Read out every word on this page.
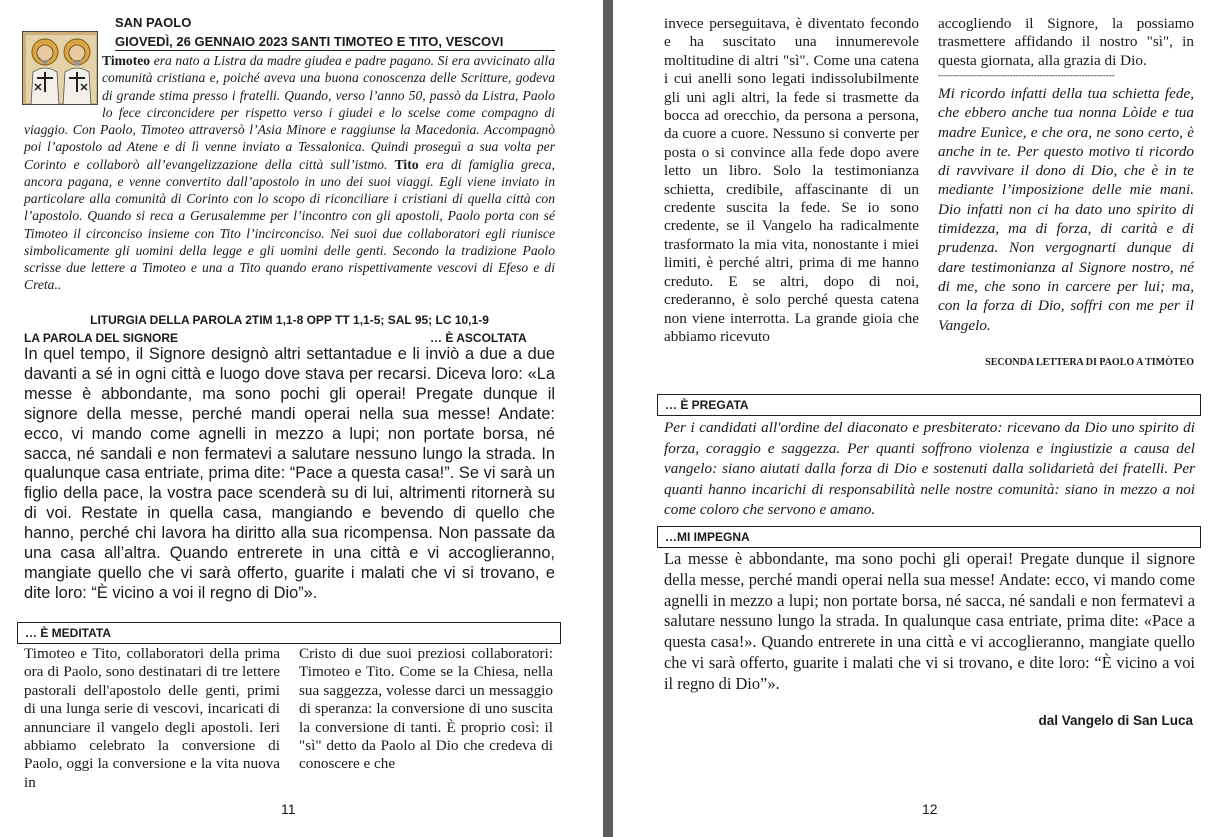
SAN PAOLO
GIOVEDÌ, 26 GENNAIO 2023 SANTI TIMOTEO E TITO, VESCOVI
Timoteo era nato a Listra da madre giudea e padre pagano. Si era avvicinato alla comunità cristiana e, poiché aveva una buona conoscenza delle Scritture, godeva di grande stima presso i fratelli. Quando, verso l’anno 50, passò da Listra, Paolo lo fece circoncidere per rispetto verso i giudei e lo scelse come compagno di viaggio. Con Paolo, Timoteo attraversò l’Asia Minore e raggiunse la Macedonia. Accompagnò poi l’apostolo ad Atene e di lì venne inviato a Tessalonica. Quindi proseguì a sua volta per Corinto e collaborò all’evangelizzazione della città sull’istmo. Tito era di famiglia greca, ancora pagana, e venne convertito dall’apostolo in uno dei suoi viaggi. Egli viene inviato in particolare alla comunità di Corinto con lo scopo di riconciliare i cristiani di quella città con l’apostolo. Quando si reca a Gerusalemme per l’incontro con gli apostoli, Paolo porta con sé Timoteo il circonciso insieme con Tito l’incirconciso. Nei suoi due collaboratori egli riunisce simbolicamente gli uomini della legge e gli uomini delle genti. Secondo la tradizione Paolo scrisse due lettere a Timoteo e una a Tito quando erano rispettivamente vescovi di Efeso e di Creta..
LITURGIA DELLA PAROLA 2TIM 1,1-8 OPP TT 1,1-5; SAL 95; LC 10,1-9
LA PAROLA DEL SIGNORE	… È ASCOLTATA
In quel tempo, il Signore designò altri settantadue e li inviò a due a due davanti a sé in ogni città e luogo dove stava per recarsi. Diceva loro: «La messe è abbondante, ma sono pochi gli operai! Pregate dunque il signore della messe, perché mandi operai nella sua messe! Andate: ecco, vi mando come agnelli in mezzo a lupi; non portate borsa, né sacca, né sandali e non fermatevi a salutare nessuno lungo la strada. In qualunque casa entriate, prima dite: “Pace a questa casa!”. Se vi sarà un figlio della pace, la vostra pace scenderà su di lui, altrimenti ritornerà su di voi. Restate in quella casa, mangiando e bevendo di quello che hanno, perché chi lavora ha diritto alla sua ricompensa. Non passate da una casa all’altra. Quando entrerete in una città e vi accoglieranno, mangiate quello che vi sarà offerto, guarite i malati che vi si trovano, e dite loro: “È vicino a voi il regno di Dio”».
… È MEDITATA
Timoteo e Tito, collaboratori della prima ora di Paolo, sono destinatari di tre lettere pastorali dell'apostolo delle genti, primi di una lunga serie di vescovi, incaricati di annunciare il vangelo degli apostoli. Ieri abbiamo celebrato la conversione di Paolo, oggi la conversione e la vita nuova in
Cristo di due suoi preziosi collaboratori: Timoteo e Tito. Come se la Chiesa, nella sua saggezza, volesse darci un messaggio di speranza: la conversione di uno suscita la conversione di tanti. È proprio così: il "sì" detto da Paolo al Dio che credeva di conoscere e che
11
invece perseguitava, è diventato fecondo e ha suscitato una innumerevole moltitudine di altri "sì". Come una catena i cui anelli sono legati indissolubilmente gli uni agli altri, la fede si trasmette da bocca ad orecchio, da persona a persona, da cuore a cuore. Nessuno si converte per posta o si convince alla fede dopo avere letto un libro. Solo la testimonianza schietta, credibile, affascinante di un credente suscita la fede. Se io sono credente, se il Vangelo ha radicalmente trasformato la mia vita, nonostante i miei limiti, è perché altri, prima di me hanno creduto. E se altri, dopo di noi, crederanno, è solo perché questa catena non viene interrotta. La grande gioia che abbiamo ricevuto
accogliendo il Signore, la possiamo trasmettere affidando il nostro "sì", in questa giornata, alla grazia di Dio.
-----------------------------------------------------------
Mi ricordo infatti della tua schietta fede, che ebbero anche tua nonna Lòide e tua madre Eunìce, e che ora, ne sono certo, è anche in te. Per questo motivo ti ricordo di ravvivare il dono di Dio, che è in te mediante l’imposizione delle mie mani. Dio infatti non ci ha dato uno spirito di timidezza, ma di forza, di carità e di prudenza. Non vergognarti dunque di dare testimonianza al Signore nostro, né di me, che sono in carcere per lui; ma, con la forza di Dio, soffri con me per il Vangelo.
SECONDA LETTERA DI PAOLO A TIMÒTEO
… È PREGATA
Per i candidati all'ordine del diaconato e presbiterato: ricevano da Dio uno spirito di forza, coraggio e saggezza. Per quanti soffrono violenza e ingiustizie a causa del vangelo: siano aiutati dalla forza di Dio e sostenuti dalla solidarietà dei fratelli. Per quanti hanno incarichi di responsabilità nelle nostre comunità: siano in mezzo a noi come coloro che servono e amano.
…MI IMPEGNA
La messe è abbondante, ma sono pochi gli operai! Pregate dunque il signore della messe, perché mandi operai nella sua messe! Andate: ecco, vi mando come agnelli in mezzo a lupi; non portate borsa, né sacca, né sandali e non fermatevi a salutare nessuno lungo la strada. In qualunque casa entriate, prima dite: «Pace a questa casa!». Quando entrerete in una città e vi accoglieranno, mangiate quello che vi sarà offerto, guarite i malati che vi si trovano, e dite loro: “È vicino a voi il regno di Dio”».
dal Vangelo di San Luca
12
